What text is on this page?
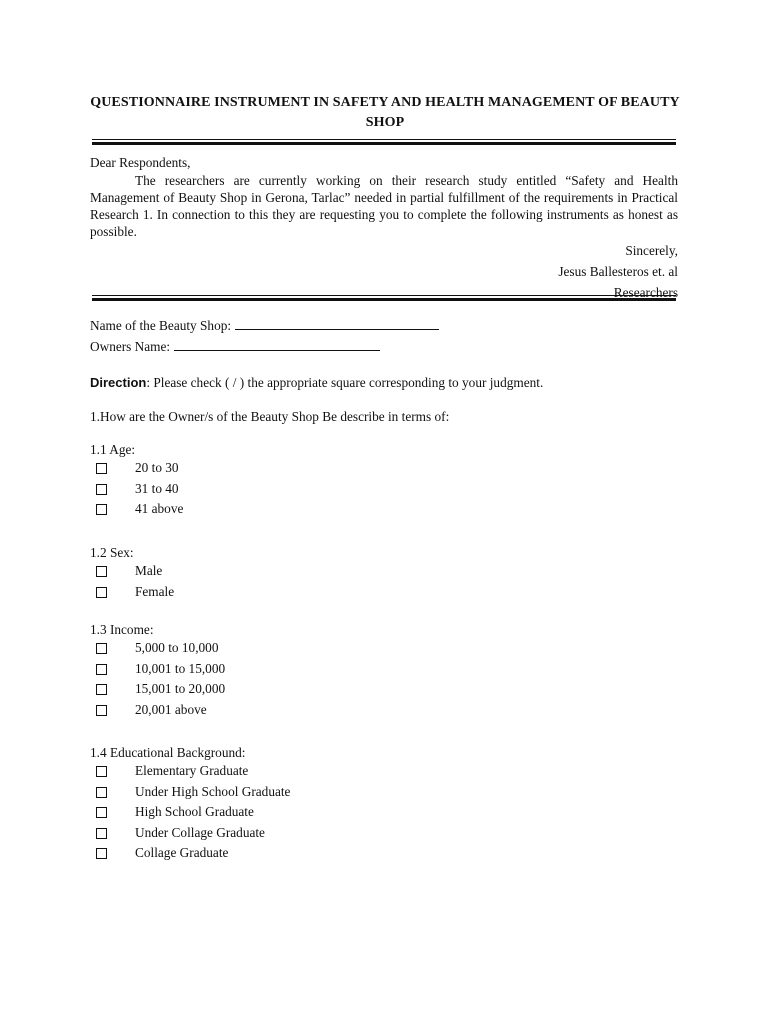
QUESTIONNAIRE INSTRUMENT IN SAFETY AND HEALTH MANAGEMENT OF BEAUTY SHOP

Dear Respondents,

The researchers are currently working on their research study entitled “Safety and Health Management of Beauty Shop in Gerona, Tarlac” needed in partial fulfillment of the requirements in Practical Research 1. In connection to this they are requesting you to complete the following instruments as honest as possible.

Sincerely,
Jesus Ballesteros et. al
Researchers
Name of the Beauty Shop:
Owners Name:
Direction: Please check ( / ) the appropriate square corresponding to your judgment.
1.How are the Owner/s of the Beauty Shop Be describe in terms of:
1.1 Age:
20 to 30
31 to 40
41 above
1.2 Sex:
Male
Female
1.3 Income:
5,000 to 10,000
10,001 to 15,000
15,001 to 20,000
20,001 above
1.4 Educational Background:
Elementary Graduate
Under High School Graduate
High School Graduate
Under Collage Graduate
Collage Graduate
